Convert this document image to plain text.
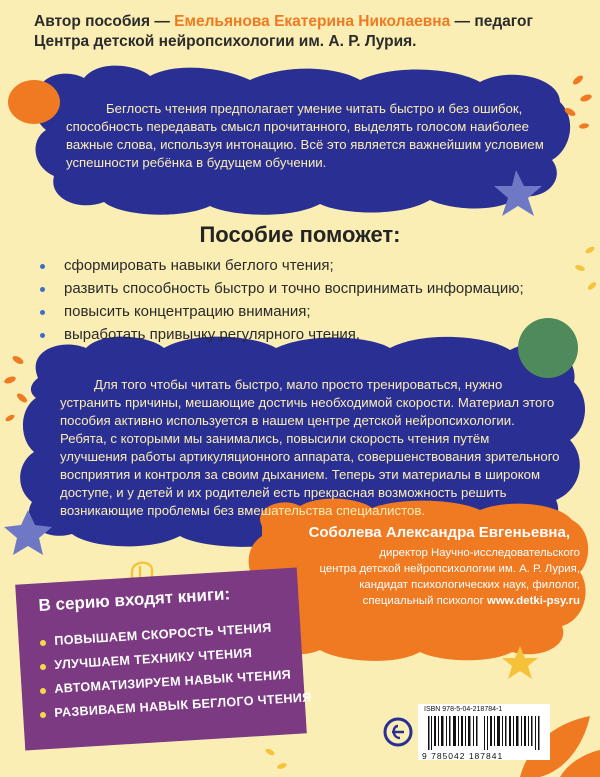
Автор пособия — Емельянова Екатерина Николаевна — педагог
Центра детской нейропсихологии им. А. Р. Лурия.
Беглость чтения предполагает умение читать быстро и без ошибок, способность передавать смысл прочитанного, выделять голосом наиболее важные слова, используя интонацию. Всё это является важнейшим условием успешности ребёнка в будущем обучении.
Пособие поможет:
сформировать навыки беглого чтения;
развить способность быстро и точно воспринимать информацию;
повысить концентрацию внимания;
выработать привычку регулярного чтения.
Для того чтобы читать быстро, мало просто тренироваться, нужно устранить причины, мешающие достичь необходимой скорости. Материал этого пособия активно используется в нашем центре детской нейропсихологии. Ребята, с которыми мы занимались, повысили скорость чтения путём улучшения работы артикуляционного аппарата, совершенствования зрительного восприятия и контроля за своим дыханием. Теперь эти материалы в широком доступе, и у детей и их родителей есть прекрасная возможность решить возникающие проблемы без вмешательства специалистов.
Соболева Александра Евгеньевна,
директор Научно-исследовательского
центра детской нейропсихологии им. А. Р. Лурия,
кандидат психологических наук, филолог,
специальный психолог www.detki-psy.ru
В серию входят книги:
ПОВЫШАЕМ СКОРОСТЬ ЧТЕНИЯ
УЛУЧШАЕМ ТЕХНИКУ ЧТЕНИЯ
АВТОМАТИЗИРУЕМ НАВЫК ЧТЕНИЯ
РАЗВИВАЕМ НАВЫК БЕГЛОГО ЧТЕНИЯ	ISBN 978-5-04-218784-1
9 785042 187841
